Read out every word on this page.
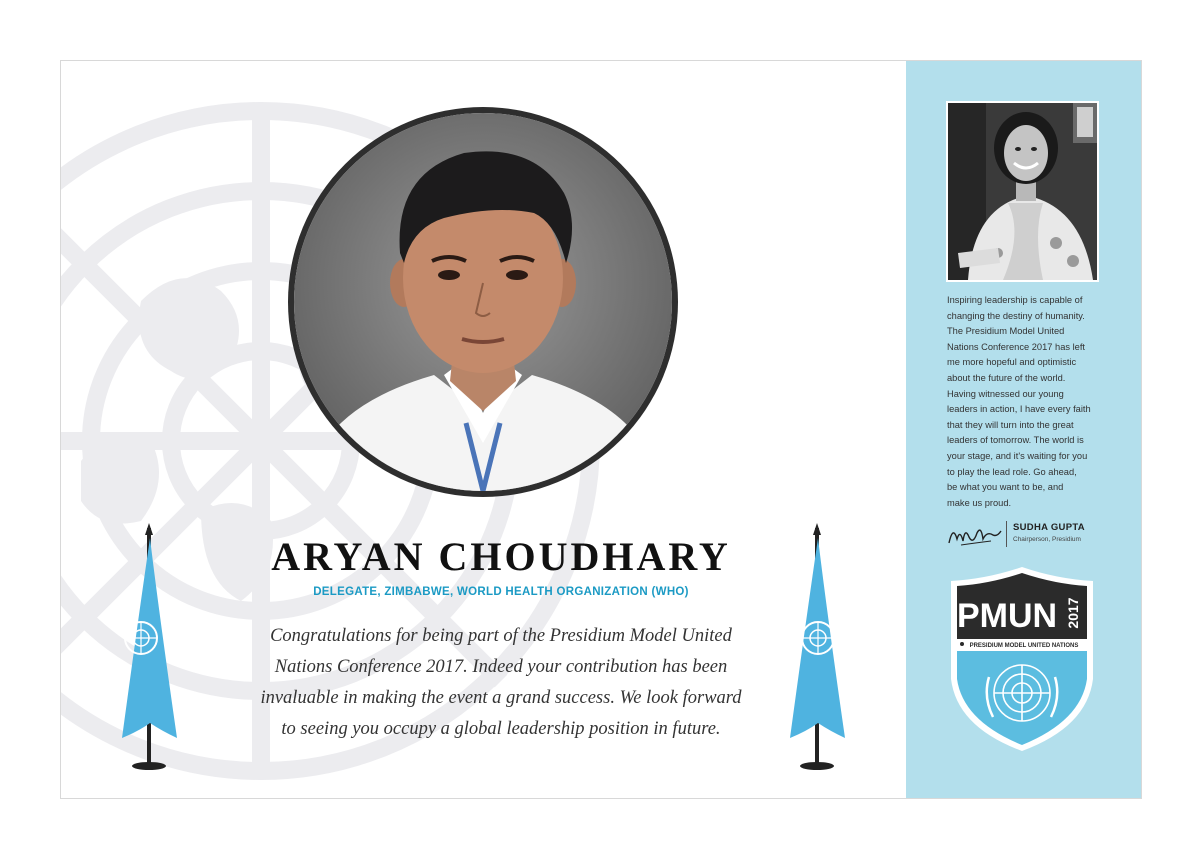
ARYAN CHOUDHARY
DELEGATE, ZIMBABWE, WORLD HEALTH ORGANIZATION (WHO)
Congratulations for being part of the Presidium Model United
Nations Conference 2017. Indeed your contribution has been
invaluable in making the event a grand success. We look forward
to seeing you occupy a global leadership position in future.
Inspiring leadership is capable of
changing the destiny of humanity.
The Presidium Model United
Nations Conference 2017 has left
me more hopeful and optimistic
about the future of the world.
Having witnessed our young
leaders in action, I have every faith
that they will turn into the great
leaders of tomorrow. The world is
your stage, and it's waiting for you
to play the lead role. Go ahead,
be what you want to be, and
make us proud.
SUDHA GUPTA
Chairperson, Presidium
PMUN 2017
PRESIDIUM MODEL UNITED NATIONS
